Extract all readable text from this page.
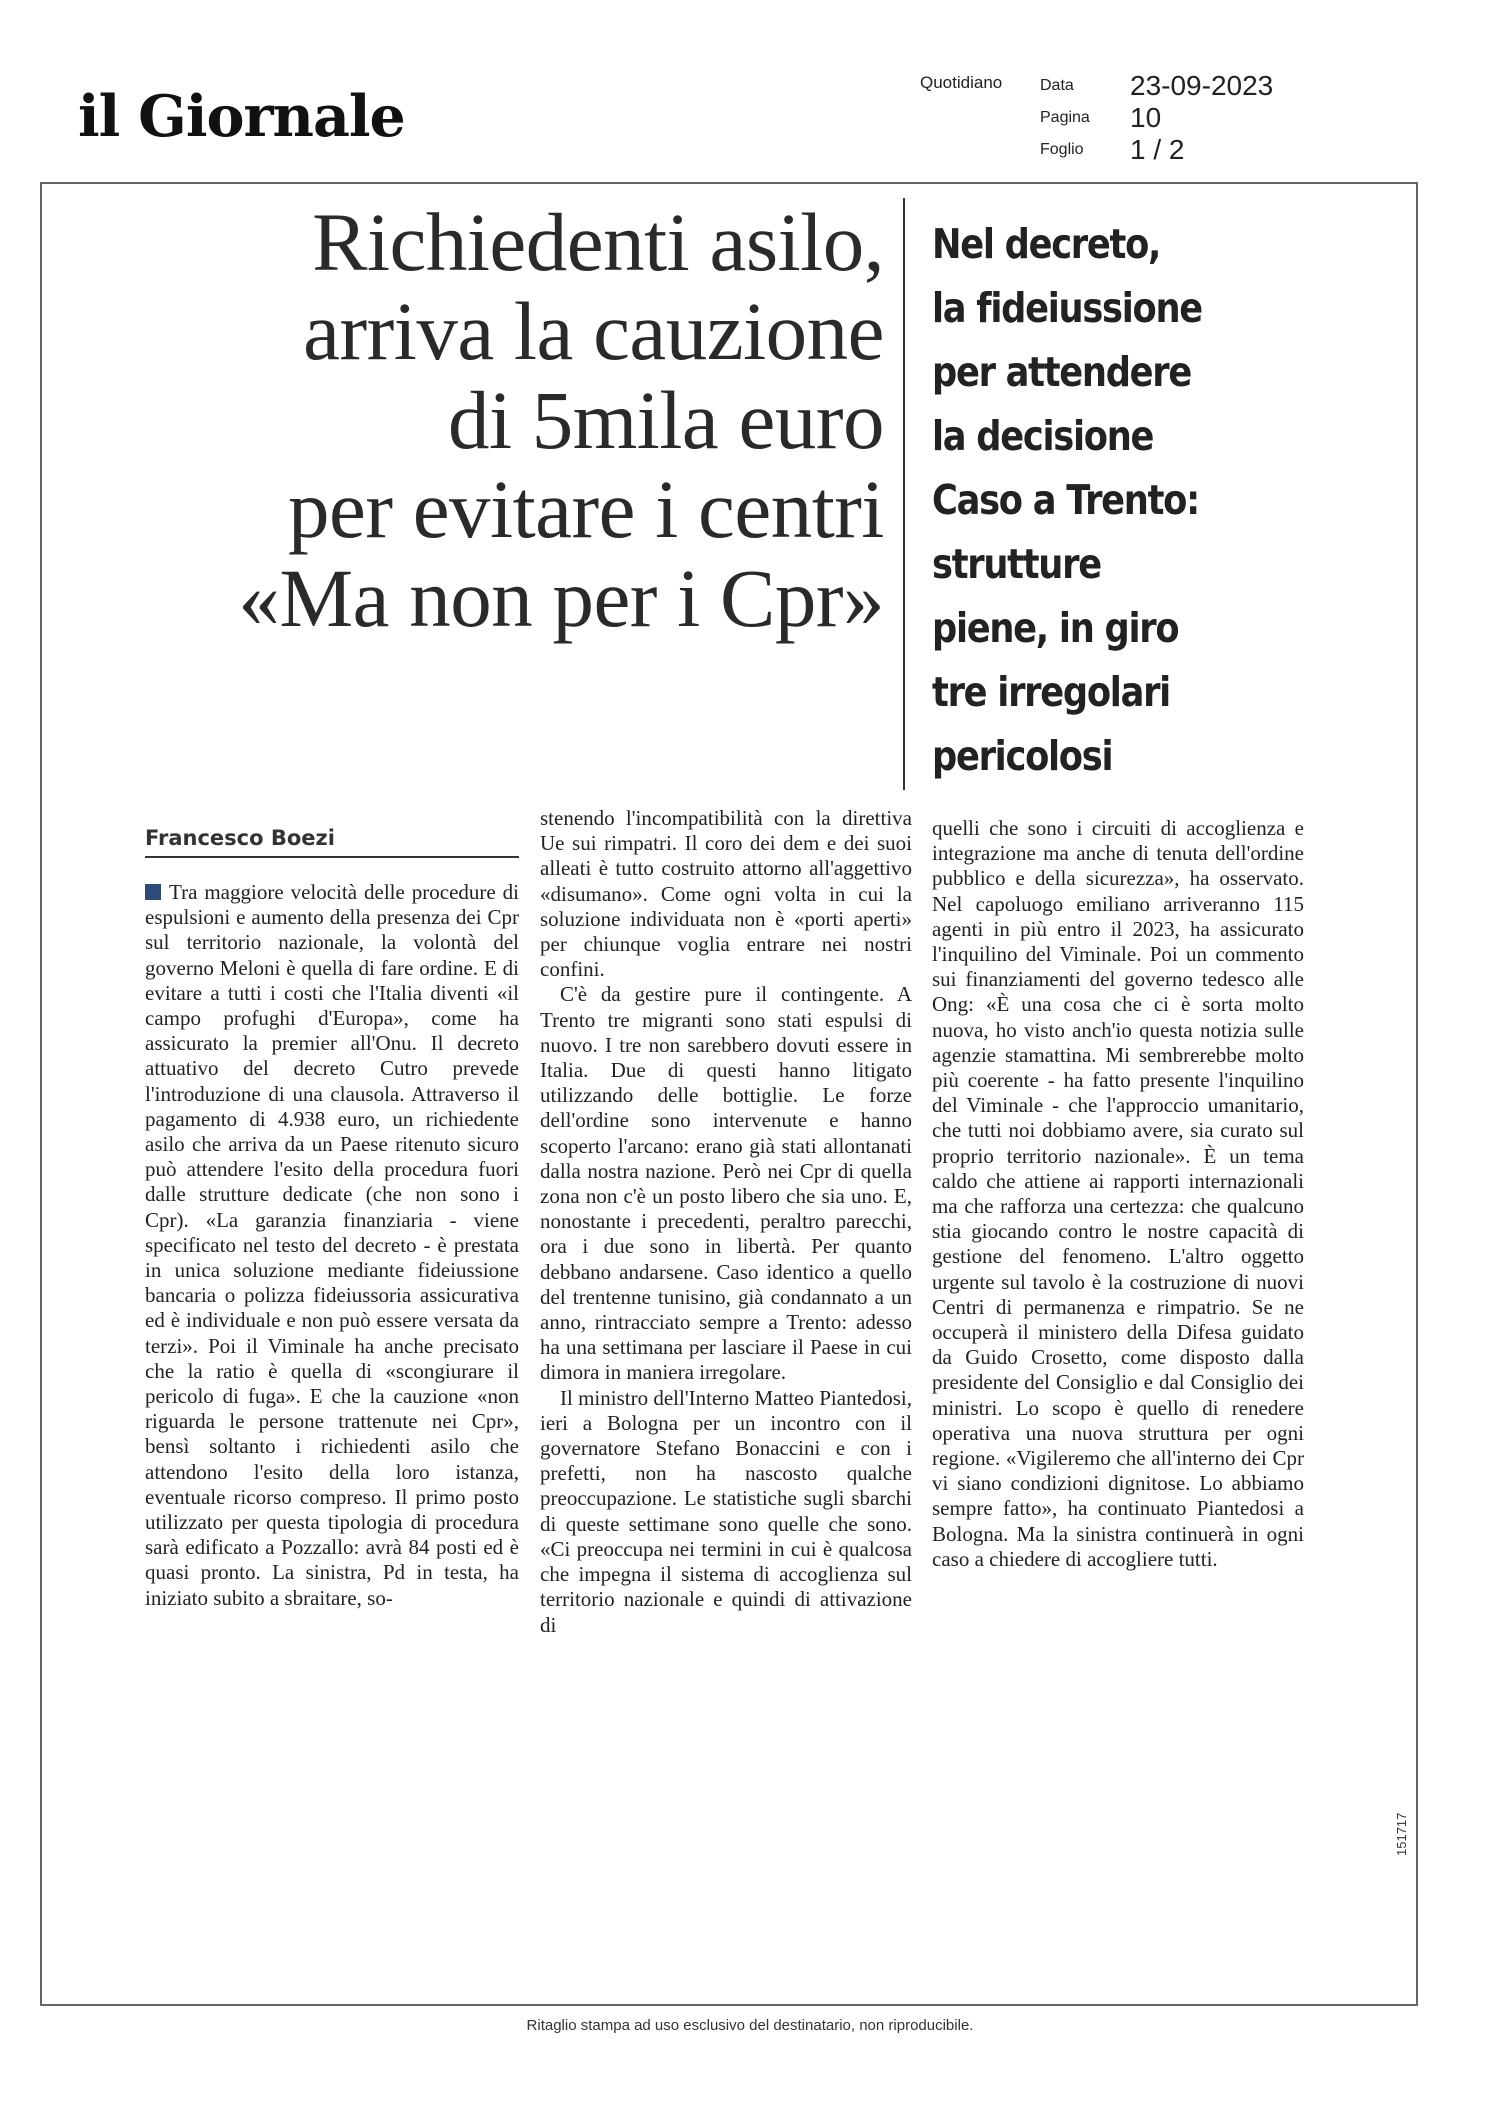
il Giornale
Quotidiano Data	23-09-2023
Pagina	10
Foglio	1 / 2
Richiedenti asilo,
arriva la cauzione
di 5mila euro
per evitare i centri
«Ma non per i Cpr»
Nel decreto,
la fideiussione
per attendere
la decisione
Caso a Trento:
strutture
piene, in giro
tre irregolari
pericolosi
Francesco Boezi

Tra maggiore velocità delle procedure di espulsioni e aumento della presenza dei Cpr sul territorio nazionale, la volontà del governo Meloni è quella di fare ordine. E di evitare a tutti i costi che l'Italia diventi «il campo profughi d'Europa», come ha assicurato la premier all'Onu. Il decreto attuativo del decreto Cutro prevede l'introduzione di una clausola. Attraverso il pagamento di 4.938 euro, un richiedente asilo che arriva da un Paese ritenuto sicuro può attendere l'esito della procedura fuori dalle strutture dedicate (che non sono i Cpr). «La garanzia finanziaria - viene specificato nel testo del decreto - è prestata in unica soluzione mediante fideiussione bancaria o polizza fideiussoria assicurativa ed è individuale e non può essere versata da terzi». Poi il Viminale ha anche precisato che la ratio è quella di «scongiurare il pericolo di fuga». E che la cauzione «non riguarda le persone trattenute nei Cpr», bensì soltanto i richiedenti asilo che attendono l'esito della loro istanza, eventuale ricorso compreso. Il primo posto utilizzato per questa tipologia di procedura sarà edificato a Pozzallo: avrà 84 posti ed è quasi pronto. La sinistra, Pd in testa, ha iniziato subito a sbraitare, so-

stenendo l'incompatibilità con la direttiva Ue sui rimpatri. Il coro dei dem e dei suoi alleati è tutto costruito attorno all'aggettivo «disumano». Come ogni volta in cui la soluzione individuata non è «porti aperti» per chiunque voglia entrare nei nostri confini.

C'è da gestire pure il contingente. A Trento tre migranti sono stati espulsi di nuovo. I tre non sarebbero dovuti essere in Italia. Due di questi hanno litigato utilizzando delle bottiglie. Le forze dell'ordine sono intervenute e hanno scoperto l'arcano: erano già stati allontanati dalla nostra nazione. Però nei Cpr di quella zona non c'è un posto libero che sia uno. E, nonostante i precedenti, peraltro parecchi, ora i due sono in libertà. Per quanto debbano andarsene. Caso identico a quello del trentenne tunisino, già condannato a un anno, rintracciato sempre a Trento: adesso ha una settimana per lasciare il Paese in cui dimora in maniera irregolare.

Il ministro dell'Interno Matteo Piantedosi, ieri a Bologna per un incontro con il governatore Stefano Bonaccini e con i prefetti, non ha nascosto qualche preoccupazione. Le statistiche sugli sbarchi di queste settimane sono quelle che sono. «Ci preoccupa nei termini in cui è qualcosa che impegna il sistema di accoglienza sul territorio nazionale e quindi di attivazione di

quelli che sono i circuiti di accoglienza e integrazione ma anche di tenuta dell'ordine pubblico e della sicurezza», ha osservato. Nel capoluogo emiliano arriveranno 115 agenti in più entro il 2023, ha assicurato l'inquilino del Viminale. Poi un commento sui finanziamenti del governo tedesco alle Ong: «È una cosa che ci è sorta molto nuova, ho visto anch'io questa notizia sulle agenzie stamattina. Mi sembrerebbe molto più coerente - ha fatto presente l'inquilino del Viminale - che l'approccio umanitario, che tutti noi dobbiamo avere, sia curato sul proprio territorio nazionale». È un tema caldo che attiene ai rapporti internazionali ma che rafforza una certezza: che qualcuno stia giocando contro le nostre capacità di gestione del fenomeno. L'altro oggetto urgente sul tavolo è la costruzione di nuovi Centri di permanenza e rimpatrio. Se ne occuperà il ministero della Difesa guidato da Guido Crosetto, come disposto dalla presidente del Consiglio e dal Consiglio dei ministri. Lo scopo è quello di renedere operativa una nuova struttura per ogni regione. «Vigileremo che all'interno dei Cpr vi siano condizioni dignitose. Lo abbiamo sempre fatto», ha continuato Piantedosi a Bologna. Ma la sinistra continuerà in ogni caso a chiedere di accogliere tutti.

151717
Ritaglio stampa ad uso esclusivo del destinatario, non riproducibile.
